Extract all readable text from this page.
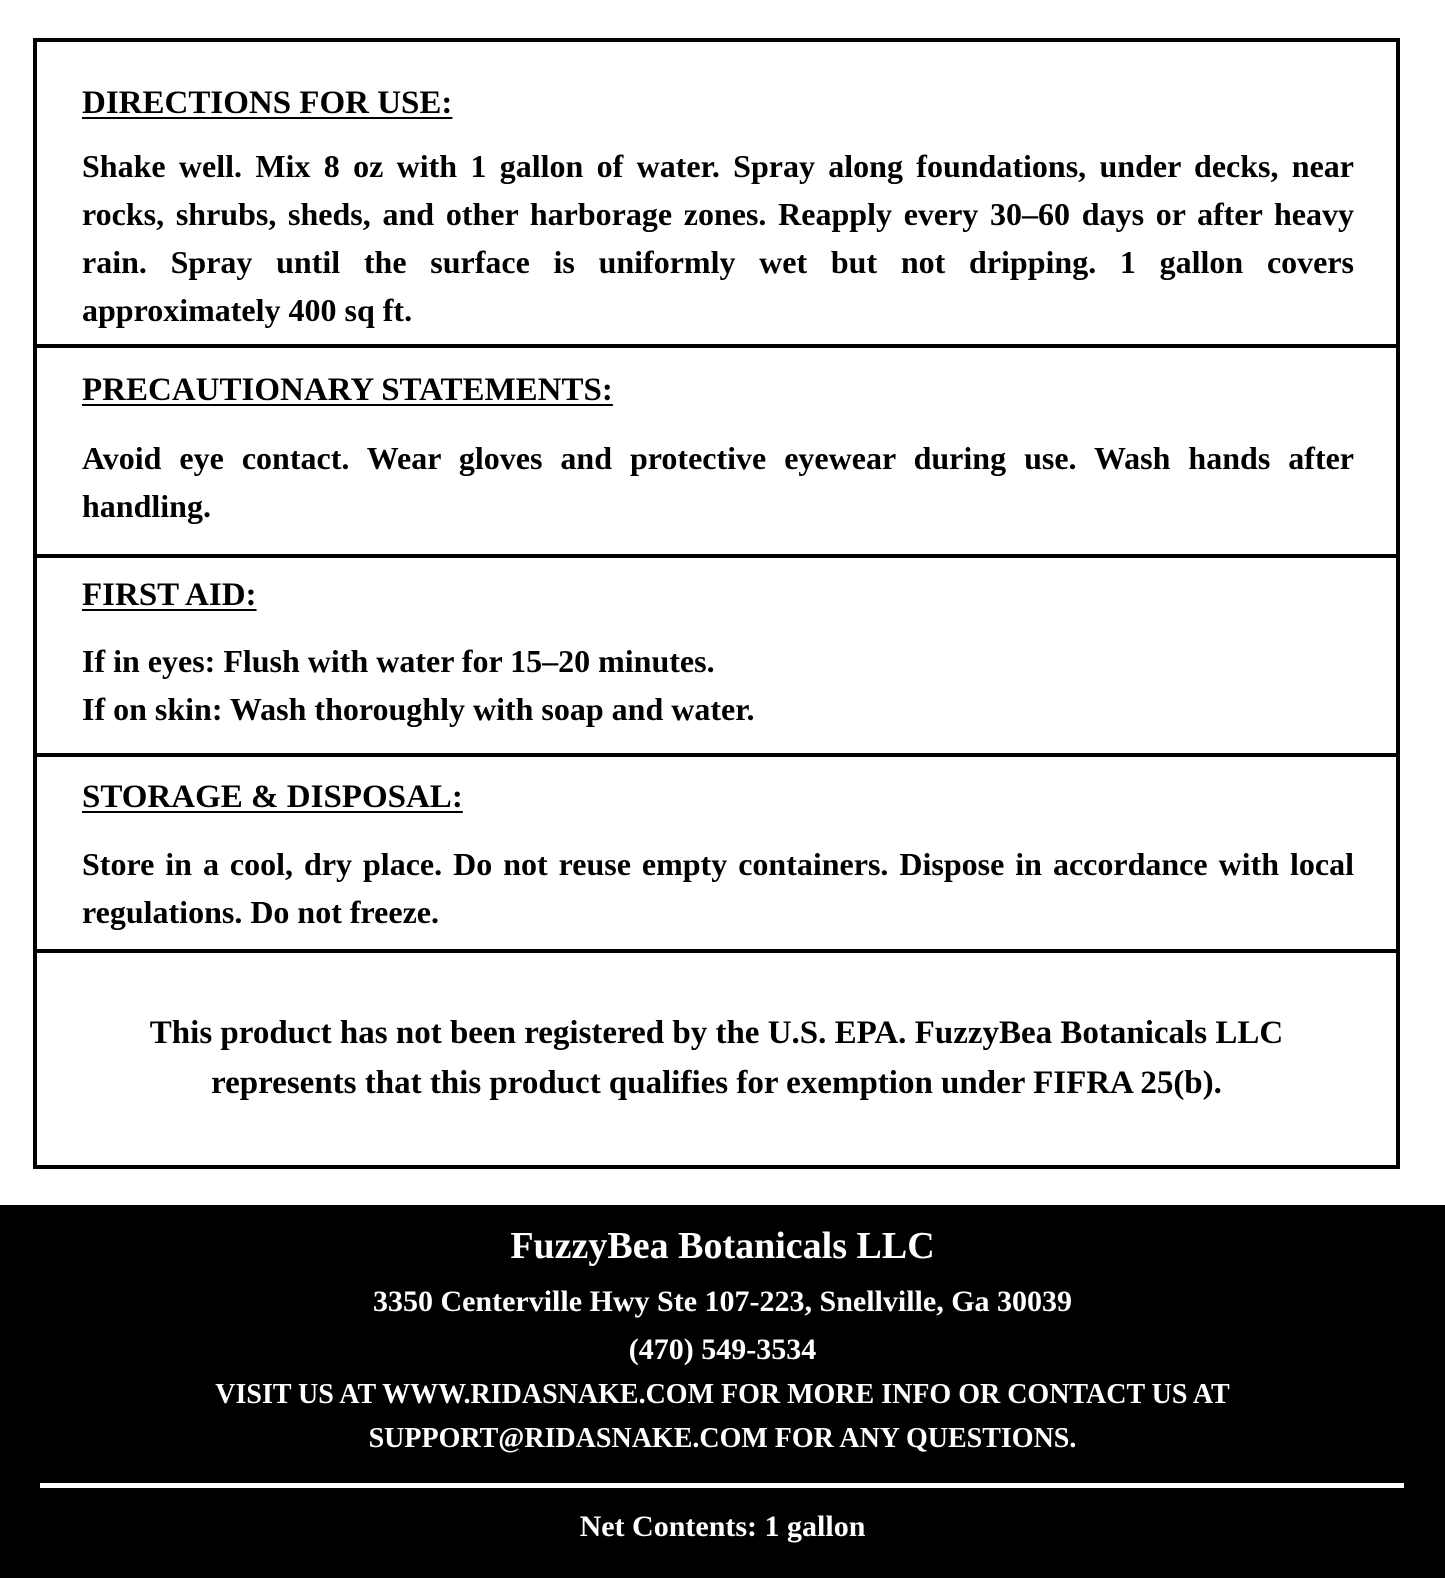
DIRECTIONS FOR USE:

Shake well. Mix 8 oz with 1 gallon of water. Spray along foundations, under decks, near rocks, shrubs, sheds, and other harborage zones. Reapply every 30–60 days or after heavy rain. Spray until the surface is uniformly wet but not dripping. 1 gallon covers approximately 400 sq ft.

PRECAUTIONARY STATEMENTS:

Avoid eye contact. Wear gloves and protective eyewear during use. Wash hands after handling.

FIRST AID:

If in eyes: Flush with water for 15–20 minutes.
If on skin: Wash thoroughly with soap and water.

STORAGE & DISPOSAL:

Store in a cool, dry place. Do not reuse empty containers. Dispose in accordance with local regulations. Do not freeze.

This product has not been registered by the U.S. EPA. FuzzyBea Botanicals LLC represents that this product qualifies for exemption under FIFRA 25(b).
FuzzyBea Botanicals LLC
3350 Centerville Hwy Ste 107-223, Snellville, Ga 30039
(470) 549-3534
VISIT US AT WWW.RIDASNAKE.COM FOR MORE INFO OR CONTACT US AT SUPPORT@RIDASNAKE.COM FOR ANY QUESTIONS.
Net Contents: 1 gallon
